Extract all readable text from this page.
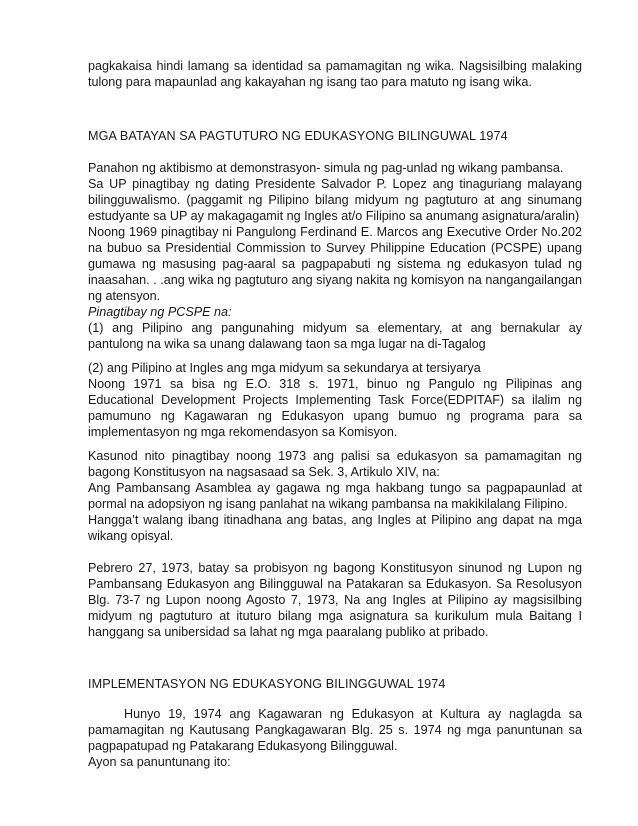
pagkakaisa hindi lamang sa identidad sa pamamagitan ng wika. Nagsisilbing malaking tulong para mapaunlad ang kakayahan ng isang tao para matuto ng isang wika.

MGA BATAYAN SA PAGTUTURO NG EDUKASYONG BILINGUWAL 1974

Panahon ng aktibismo at demonstrasyon- simula ng pag-unlad ng wikang pambansa.

Sa UP pinagtibay ng dating Presidente Salvador P. Lopez ang tinaguriang malayang bilingguwalismo. (paggamit ng Pilipino bilang midyum ng pagtuturo at ang sinumang estudyante sa UP ay makagagamit ng Ingles at/o Filipino sa anumang asignatura/aralin)

Noong 1969 pinagtibay ni Pangulong Ferdinand E. Marcos ang Executive Order No.202 na bubuo sa Presidential Commission to Survey Philippine Education (PCSPE) upang gumawa ng masusing pag-aaral sa pagpapabuti ng sistema ng edukasyon tulad ng inaasahan. . .ang wika ng pagtuturo ang siyang nakita ng komisyon na nangangailangan ng atensyon.

Pinagtibay ng PCSPE na:

(1) ang Pilipino ang pangunahing midyum sa elementary, at ang bernakular ay pantulong na wika sa unang dalawang taon sa mga lugar na di-Tagalog

(2) ang Pilipino at Ingles ang mga midyum sa sekundarya at tersiyarya

Noong 1971 sa bisa ng E.O. 318 s. 1971, binuo ng Pangulo ng Pilipinas ang Educational Development Projects Implementing Task Force(EDPITAF) sa ilalim ng pamumuno ng Kagawaran ng Edukasyon upang bumuo ng programa para sa implementasyon ng mga rekomendasyon sa Komisyon.

Kasunod nito pinagtibay noong 1973 ang palisi sa edukasyon sa pamamagitan ng bagong Konstitusyon na nagsasaad sa Sek. 3, Artikulo XIV, na:

Ang Pambansang Asamblea ay gagawa ng mga hakbang tungo sa pagpapaunlad at pormal na adopsiyon ng isang panlahat na wikang pambansa na makikilalang Filipino.

Hangga’t walang ibang itinadhana ang batas, ang Ingles at Pilipino ang dapat na mga wikang opisyal.

Pebrero 27, 1973, batay sa probisyon ng bagong Konstitusyon sinunod ng Lupon ng Pambansang Edukasyon ang Bilingguwal na Patakaran sa Edukasyon. Sa Resolusyon Blg. 73-7 ng Lupon noong Agosto 7, 1973, Na ang Ingles at Pilipino ay magsisilbing midyum ng pagtuturo at ituturo bilang mga asignatura sa kurikulum mula Baitang I hanggang sa unibersidad sa lahat ng mga paaralang publiko at pribado.

IMPLEMENTASYON NG EDUKASYONG BILINGGUWAL 1974

Hunyo 19, 1974 ang Kagawaran ng Edukasyon at Kultura ay naglagda sa pamamagitan ng Kautusang Pangkagawaran Blg. 25 s. 1974 ng mga panuntunan sa pagpapatupad ng Patakarang Edukasyong Bilingguwal.

Ayon sa panuntunang ito:
